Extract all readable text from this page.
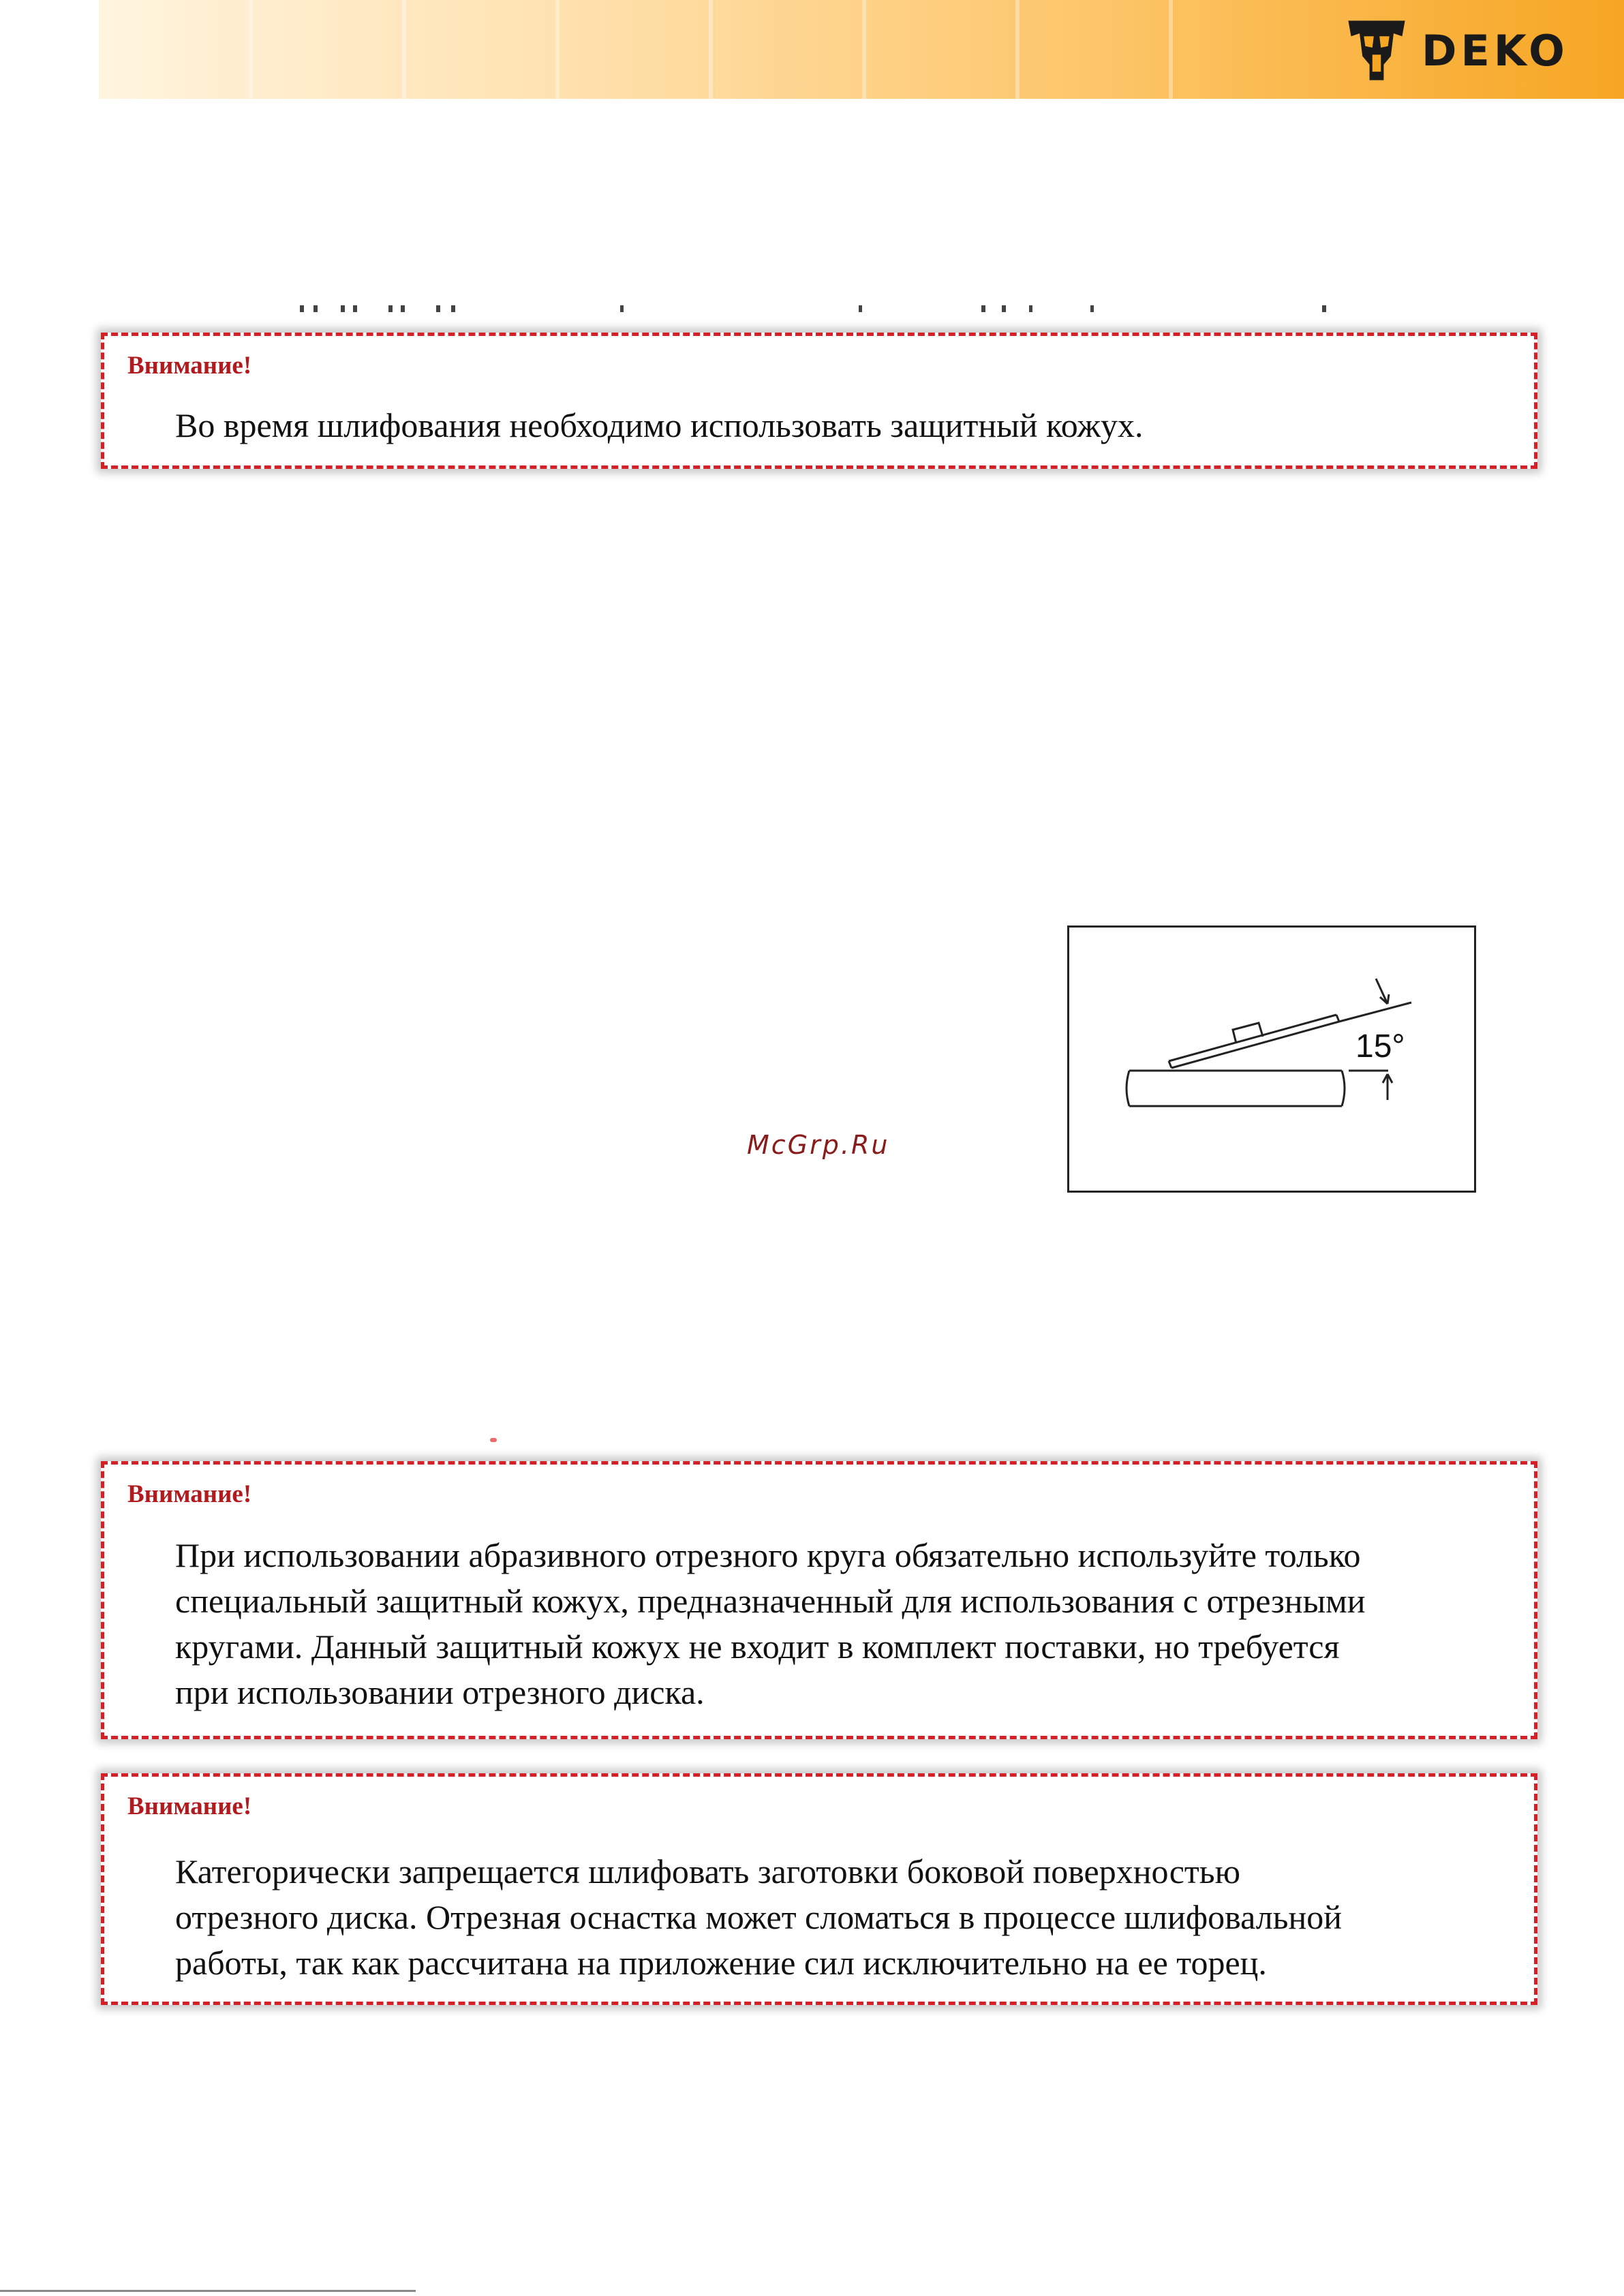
DEKO
Внимание!

Во время шлифования необходимо использовать защитный кожух.

15°
McGrp.Ru
Внимание!

При использовании абразивного отрезного круга обязательно используйте только

специальный защитный кожух, предназначенный для использования с отрезными

кругами. Данный защитный кожух не входит в комплект поставки, но требуется

при использовании отрезного диска.

Внимание!

Категорически запрещается шлифовать заготовки боковой поверхностью

отрезного диска. Отрезная оснастка может сломаться в процессе шлифовальной

работы, так как рассчитана на приложение сил исключительно на ее торец.
